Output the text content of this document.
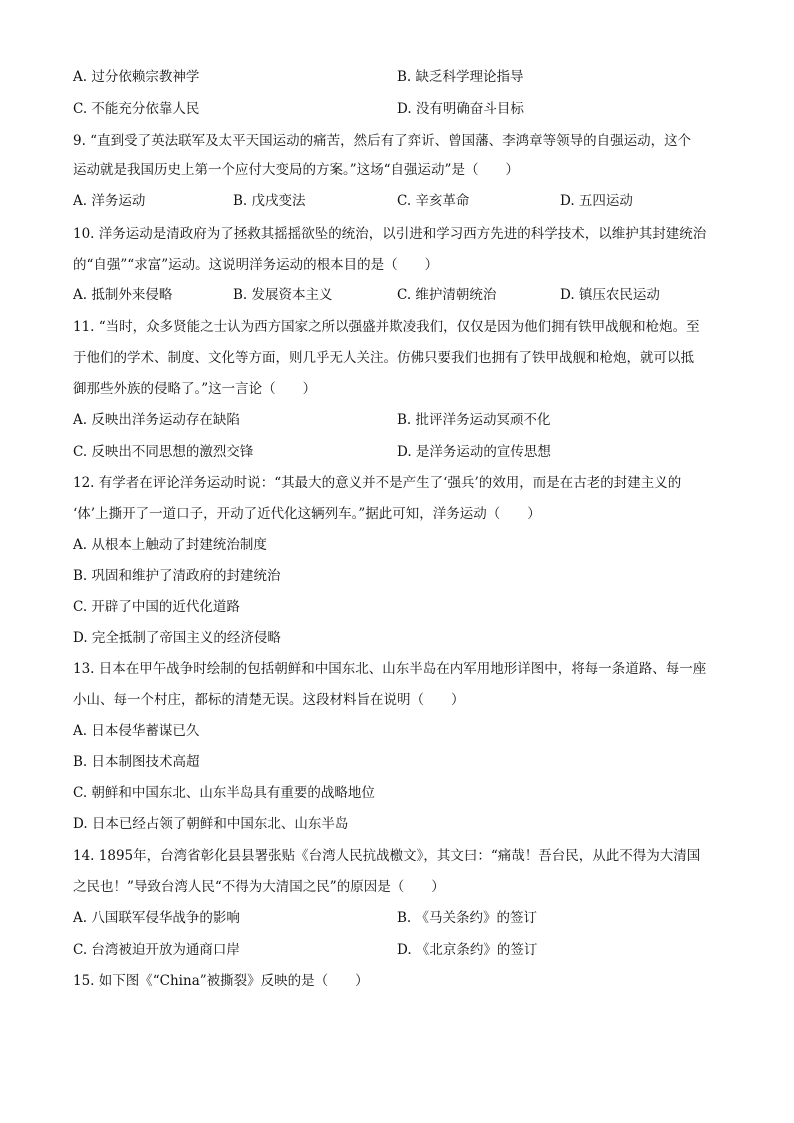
A. 过分依赖宗教神学	B. 缺乏科学理论指导
C. 不能充分依靠人民	D. 没有明确奋斗目标
9. “直到受了英法联军及太平天国运动的痛苦，然后有了弈䜣、曾国藩、李鸿章等领导的自强运动，这个
运动就是我国历史上第一个应付大变局的方案。”这场“自强运动”是（　　）
A. 洋务运动	B. 戊戌变法	C. 辛亥革命	D. 五四运动
10. 洋务运动是清政府为了拯救其摇摇欲坠的统治，以引进和学习西方先进的科学技术，以维护其封建统治
的“自强”“求富”运动。这说明洋务运动的根本目的是（　　）
A. 抵制外来侵略	B. 发展资本主义	C. 维护清朝统治	D. 镇压农民运动
11. “当时，众多贤能之士认为西方国家之所以强盛并欺凌我们，仅仅是因为他们拥有铁甲战舰和枪炮。至
于他们的学术、制度、文化等方面，则几乎无人关注。仿佛只要我们也拥有了铁甲战舰和枪炮，就可以抵
御那些外族的侵略了。”这一言论（　　）
A. 反映出洋务运动存在缺陷	B. 批评洋务运动冥顽不化
C. 反映出不同思想的激烈交锋	D. 是洋务运动的宣传思想
12. 有学者在评论洋务运动时说：“其最大的意义并不是产生了‘强兵’的效用，而是在古老的封建主义的
‘体’上撕开了一道口子，开动了近代化这辆列车。”据此可知，洋务运动（　　）
A. 从根本上触动了封建统治制度
B. 巩固和维护了清政府的封建统治
C. 开辟了中国的近代化道路
D. 完全抵制了帝国主义的经济侵略
13. 日本在甲午战争时绘制的包括朝鲜和中国东北、山东半岛在内军用地形详图中，将每一条道路、每一座
小山、每一个村庄，都标的清楚无误。这段材料旨在说明（　　）
A. 日本侵华蓄谋已久
B. 日本制图技术高超
C. 朝鲜和中国东北、山东半岛具有重要的战略地位
D. 日本已经占领了朝鲜和中国东北、山东半岛
14. 1895年，台湾省彰化县县署张贴《台湾人民抗战檄文》，其文曰：“痛哉！吾台民，从此不得为大清国
之民也！”导致台湾人民“不得为大清国之民”的原因是（　　）
A. 八国联军侵华战争的影响	B. 《马关条约》的签订
C. 台湾被迫开放为通商口岸	D. 《北京条约》的签订
15. 如下图《“China”被撕裂》反映的是（　　）
